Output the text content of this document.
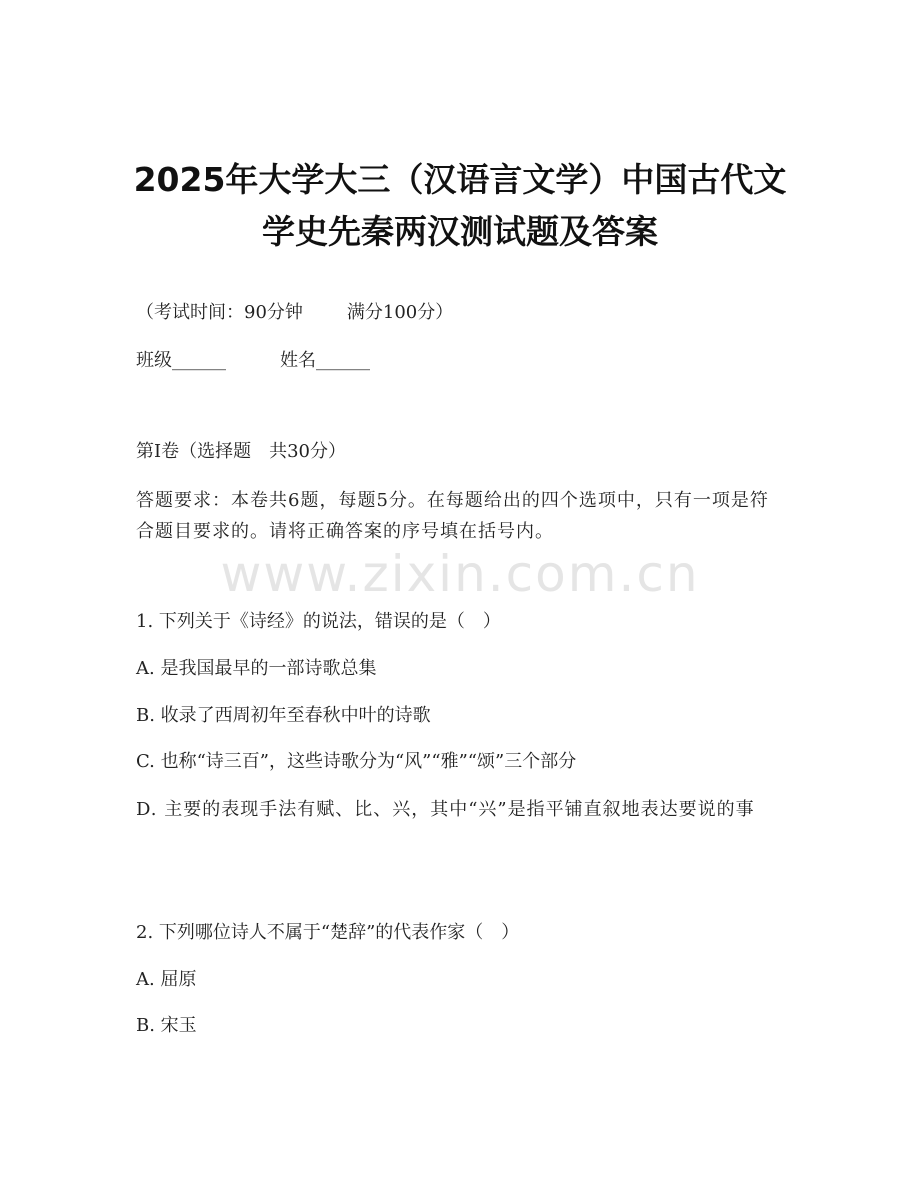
2025年大学大三（汉语言文学）中国古代文
学史先秦两汉测试题及答案
（考试时间：90分钟 满分100分）
班级______	姓名______
第Ⅰ卷（选择题　共30分）
答题要求：本卷共6题，每题5分。在每题给出的四个选项中，只有一项是符合题目要求的。请将正确答案的序号填在括号内。
www.zixin.com.cn
1. 下列关于《诗经》的说法，错误的是（　）
A. 是我国最早的一部诗歌总集
B. 收录了西周初年至春秋中叶的诗歌
C. 也称“诗三百”，这些诗歌分为“风”“雅”“颂”三个部分
D. 主要的表现手法有赋、比、兴，其中“兴”是指平铺直叙地表达要说的事
2. 下列哪位诗人不属于“楚辞”的代表作家（　）
A. 屈原
B. 宋玉
